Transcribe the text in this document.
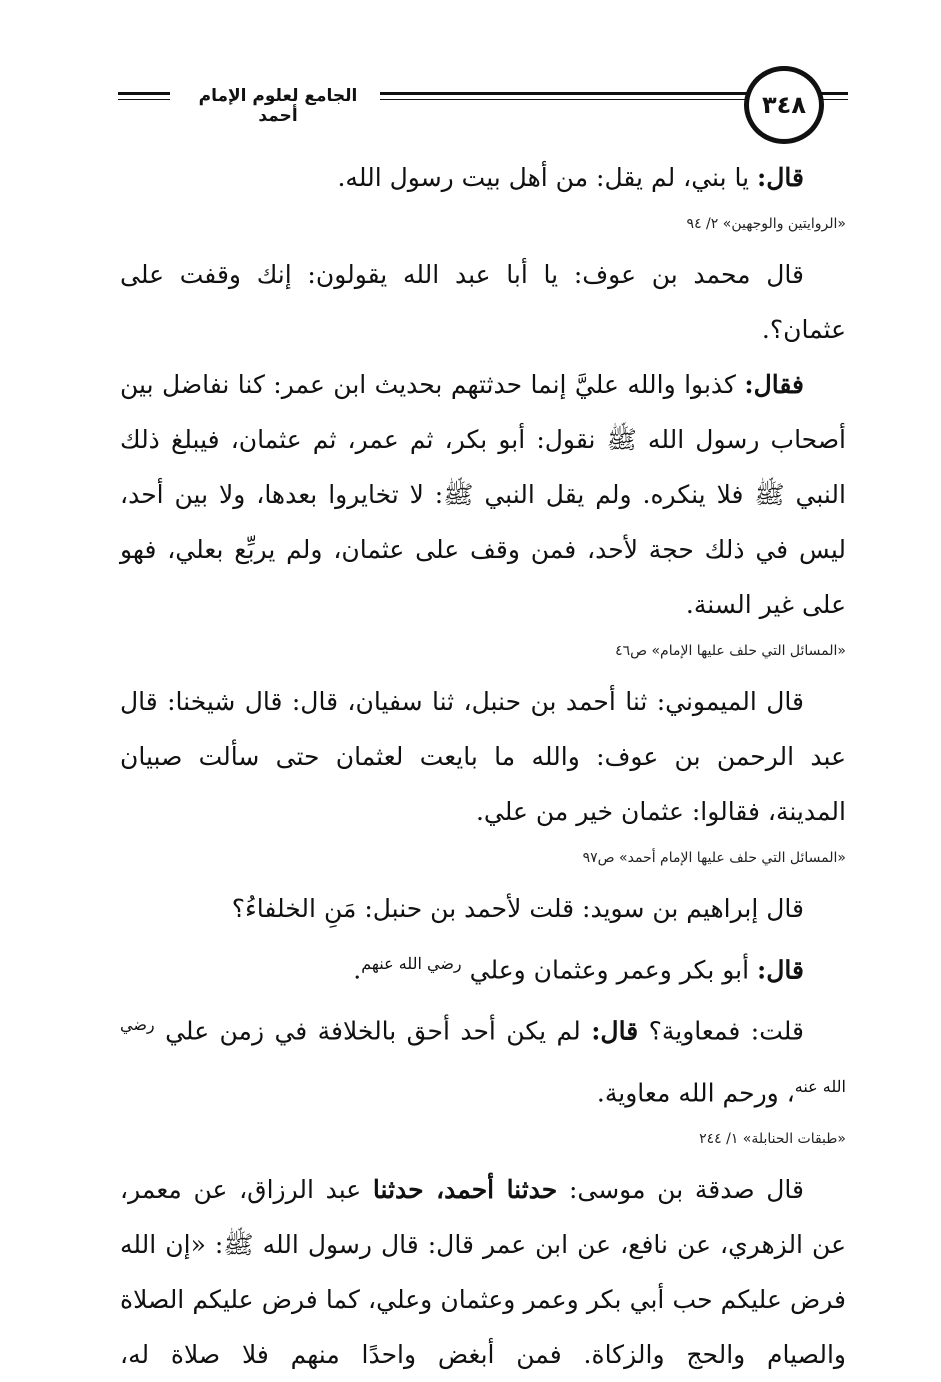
الجامع لعلوم الإمام أحمد	٣٤٨

قال: يا بني، لم يقل: من أهل بيت رسول الله.

«الروايتين والوجهين» ٢/ ٩٤

قال محمد بن عوف: يا أبا عبد الله يقولون: إنك وقفت على عثمان؟.

فقال: كذبوا والله عليَّ إنما حدثتهم بحديث ابن عمر: كنا نفاضل بين أصحاب رسول الله ﷺ نقول: أبو بكر، ثم عمر، ثم عثمان، فيبلغ ذلك النبي ﷺ فلا ينكره. ولم يقل النبي ﷺ: لا تخايروا بعدها، ولا بين أحد، ليس في ذلك حجة لأحد، فمن وقف على عثمان، ولم يربِّع بعلي، فهو على غير السنة.

«المسائل التي حلف عليها الإمام» ص٤٦

قال الميموني: ثنا أحمد بن حنبل، ثنا سفيان، قال: قال شيخنا: قال عبد الرحمن بن عوف: والله ما بايعت لعثمان حتى سألت صبيان المدينة، فقالوا: عثمان خير من علي.

«المسائل التي حلف عليها الإمام أحمد» ص٩٧

قال إبراهيم بن سويد: قلت لأحمد بن حنبل: مَنِ الخلفاءُ؟

قال: أبو بكر وعمر وعثمان وعلي $^{رضي الله عنهم}$.

قلت: فمعاوية؟ قال: لم يكن أحد أحق بالخلافة في زمن علي $^{رضي الله عنه}$، ورحم الله معاوية.

«طبقات الحنابلة» ١/ ٢٤٤

قال صدقة بن موسى: حدثنا أحمد، حدثنا عبد الرزاق، عن معمر، عن الزهري، عن نافع، عن ابن عمر قال: قال رسول الله ﷺ: «إن الله فرض عليكم حب أبي بكر وعمر وعثمان وعلي، كما فرض عليكم الصلاة والصيام والحج والزكاة. فمن أبغض واحدًا منهم فلا صلاة له،
